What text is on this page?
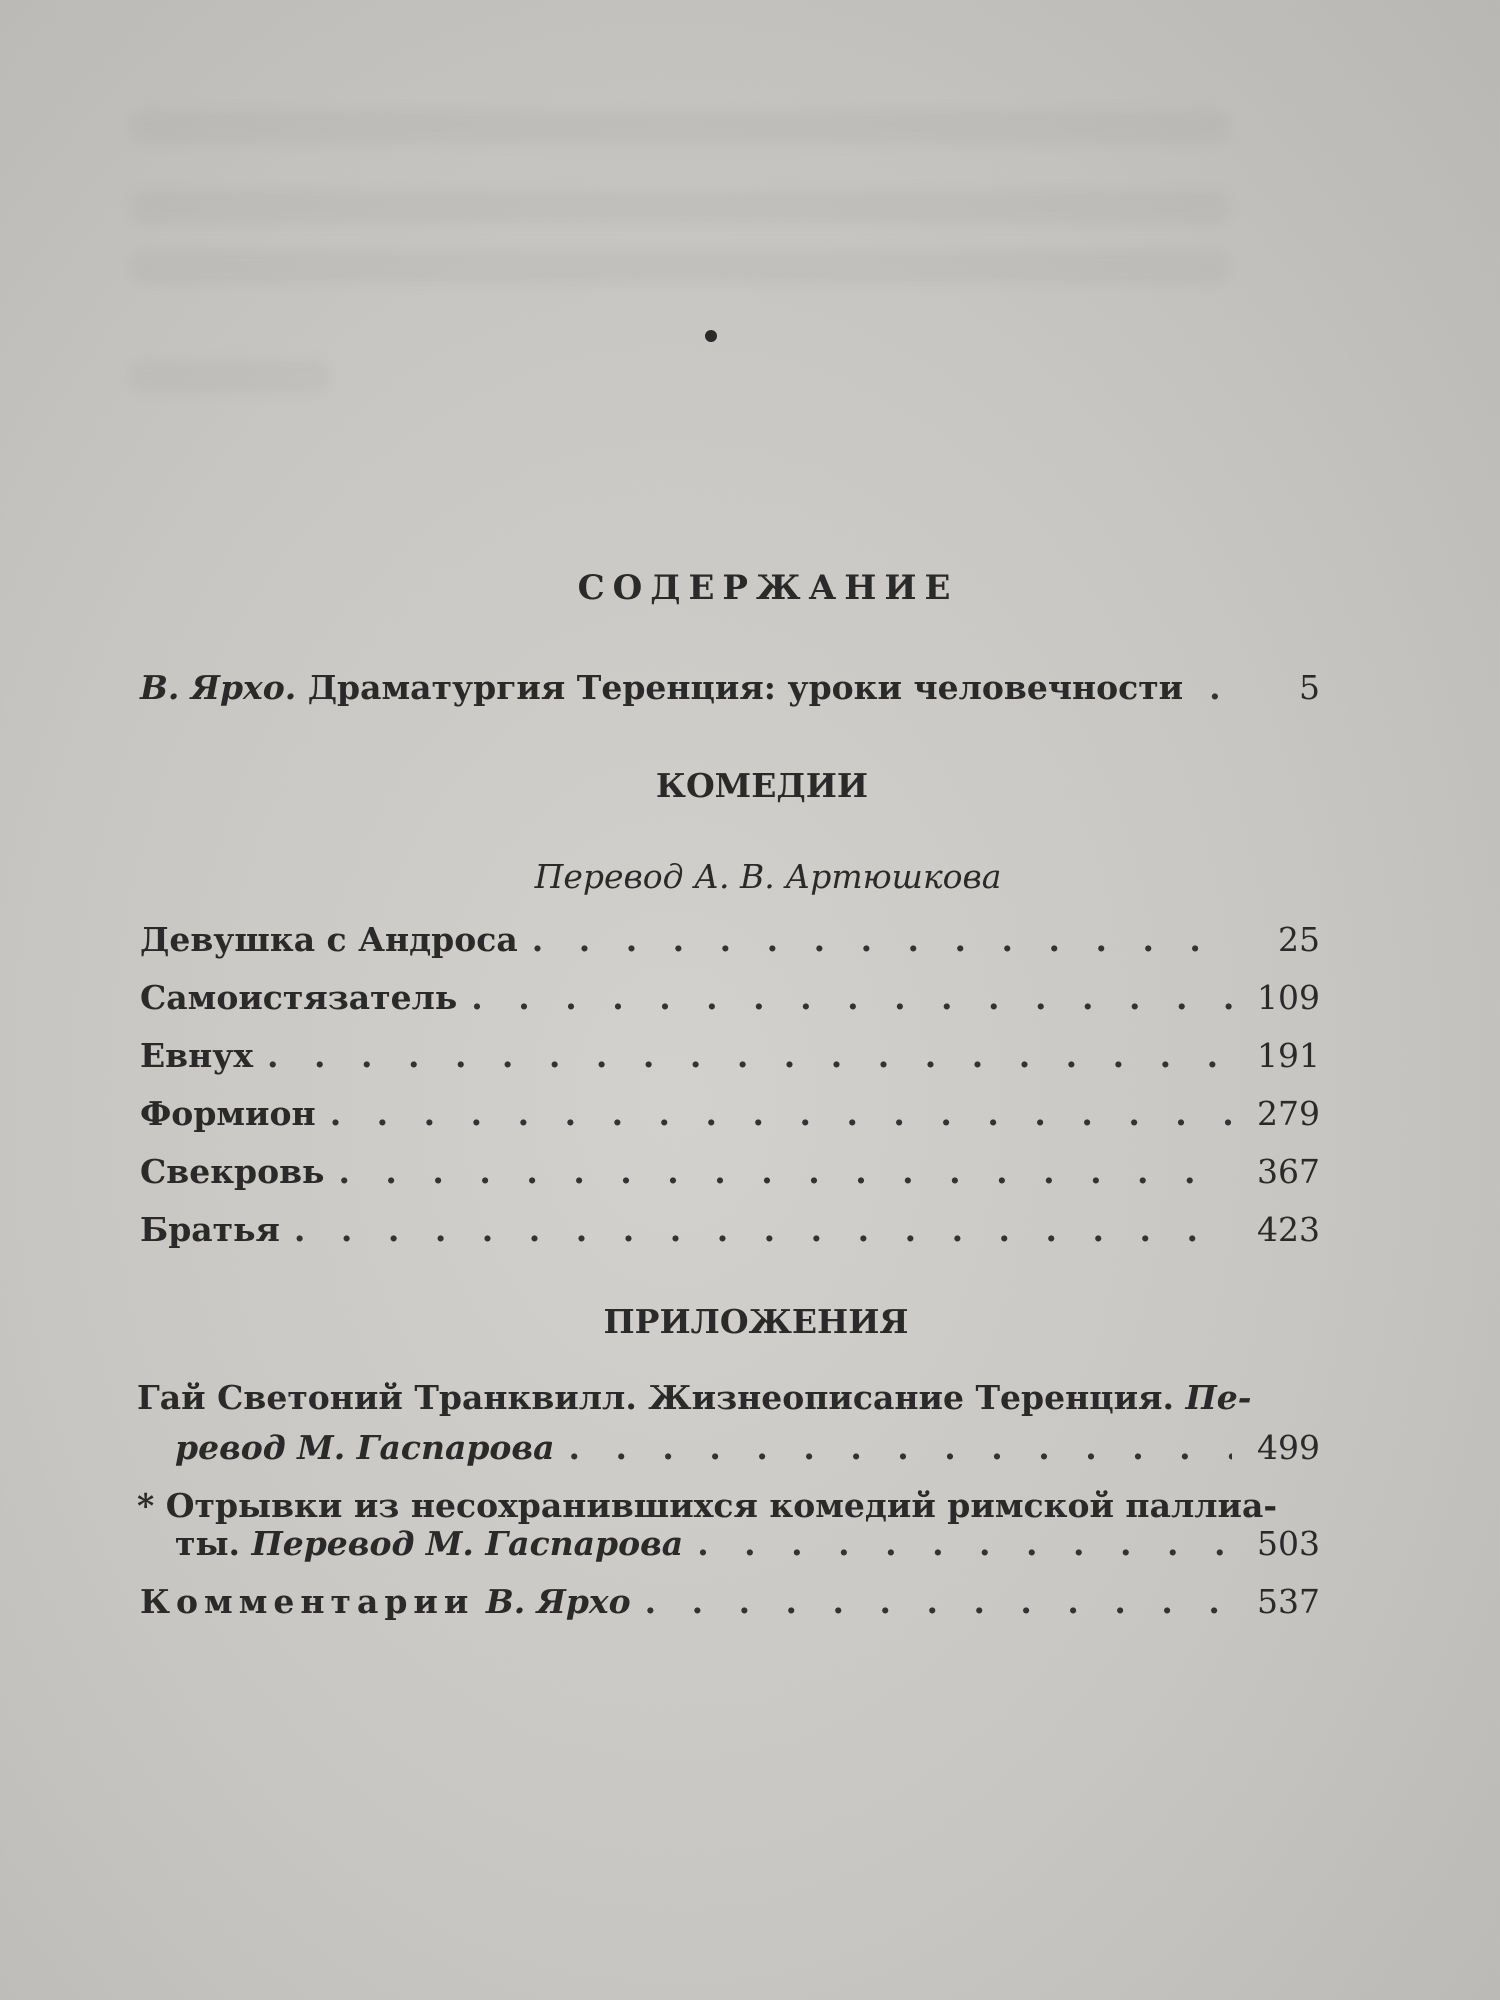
СОДЕРЖАНИЕ
В. Ярхо. Драматургия Теренция: уроки человечности . . .	5
КОМЕДИИ
Перевод А. В. Артюшкова
Девушка с Андроса . . .	25
Самоистязатель . . .	109
Евнух . . .	191
Формион . . .	279
Свекровь . . .	367
Братья . . .	423
ПРИЛОЖЕНИЯ
Гай Светоний Транквилл. Жизнеописание Теренция. Пе-
ревод М. Гаспарова . . .	499
* Отрывки из несохранившихся комедий римской паллиа-
ты. Перевод М. Гаспарова . . .	503
Комментарии В. Ярхо . . .	537
